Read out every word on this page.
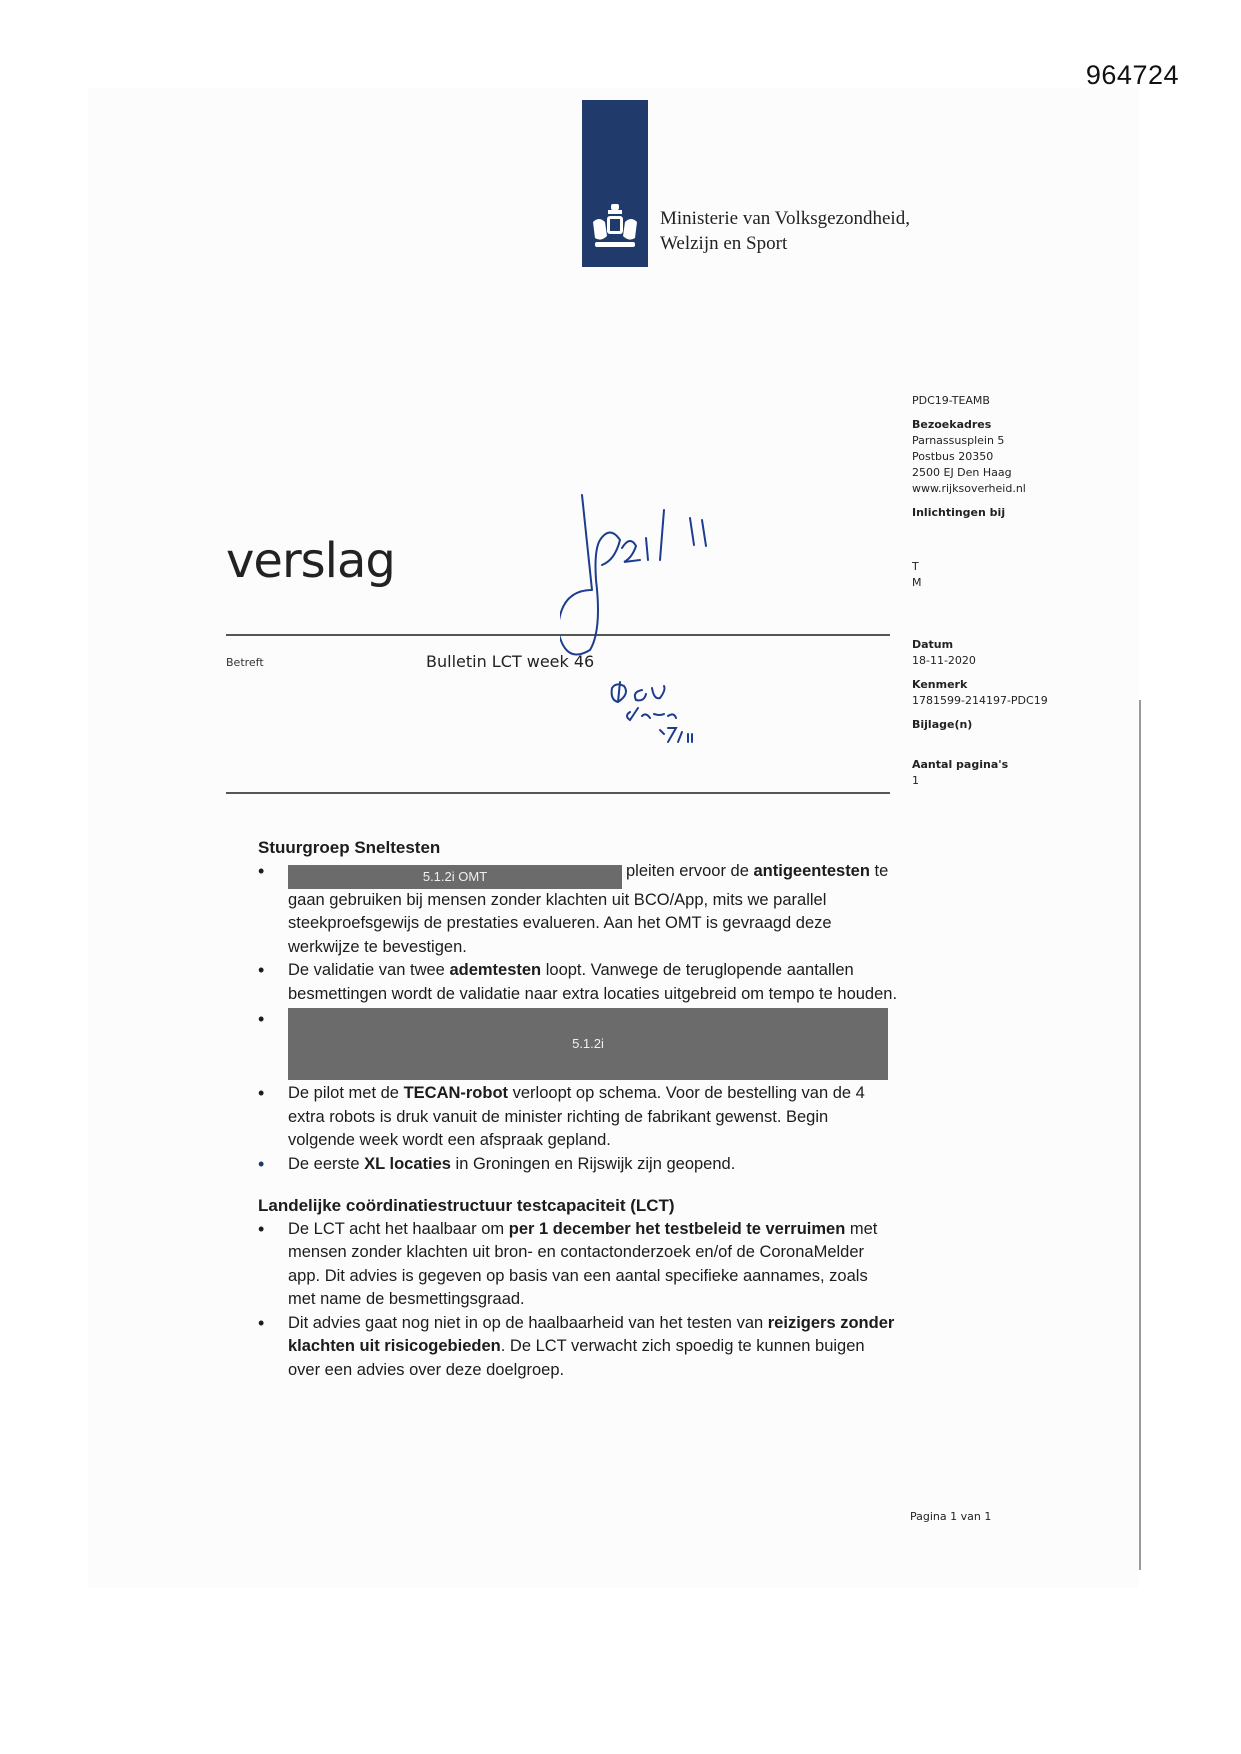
964724
Ministerie van Volksgezondheid,
Welzijn en Sport
PDC19-TEAMB
Bezoekadres
Parnassusplein 5
Postbus 20350
2500 EJ Den Haag
www.rijksoverheid.nl
Inlichtingen bij
T
M
Datum
18-11-2020
Kenmerk
1781599-214197-PDC19
Bijlage(n)
Aantal pagina's
1
verslag
Betreft	Bulletin LCT week 46
Stuurgroep Sneltesten
• 5.1.2i OMT	pleiten ervoor de antigeentesten te gaan gebruiken bij mensen zonder klachten uit BCO/App, mits we parallel steekproefsgewijs de prestaties evalueren. Aan het OMT is gevraagd deze werkwijze te bevestigen.
• De validatie van twee ademtesten loopt. Vanwege de teruglopende aantallen besmettingen wordt de validatie naar extra locaties uitgebreid om tempo te houden.
• 5.1.2i
• De pilot met de TECAN-robot verloopt op schema. Voor de bestelling van de 4 extra robots is druk vanuit de minister richting de fabrikant gewenst. Begin volgende week wordt een afspraak gepland.
• De eerste XL locaties in Groningen en Rijswijk zijn geopend.
Landelijke coördinatiestructuur testcapaciteit (LCT)
• De LCT acht het haalbaar om per 1 december het testbeleid te verruimen met mensen zonder klachten uit bron- en contactonderzoek en/of de CoronaMelder app. Dit advies is gegeven op basis van een aantal specifieke aannames, zoals met name de besmettingsgraad.
• Dit advies gaat nog niet in op de haalbaarheid van het testen van reizigers zonder klachten uit risicogebieden. De LCT verwacht zich spoedig te kunnen buigen over een advies over deze doelgroep.
Pagina 1 van 1
